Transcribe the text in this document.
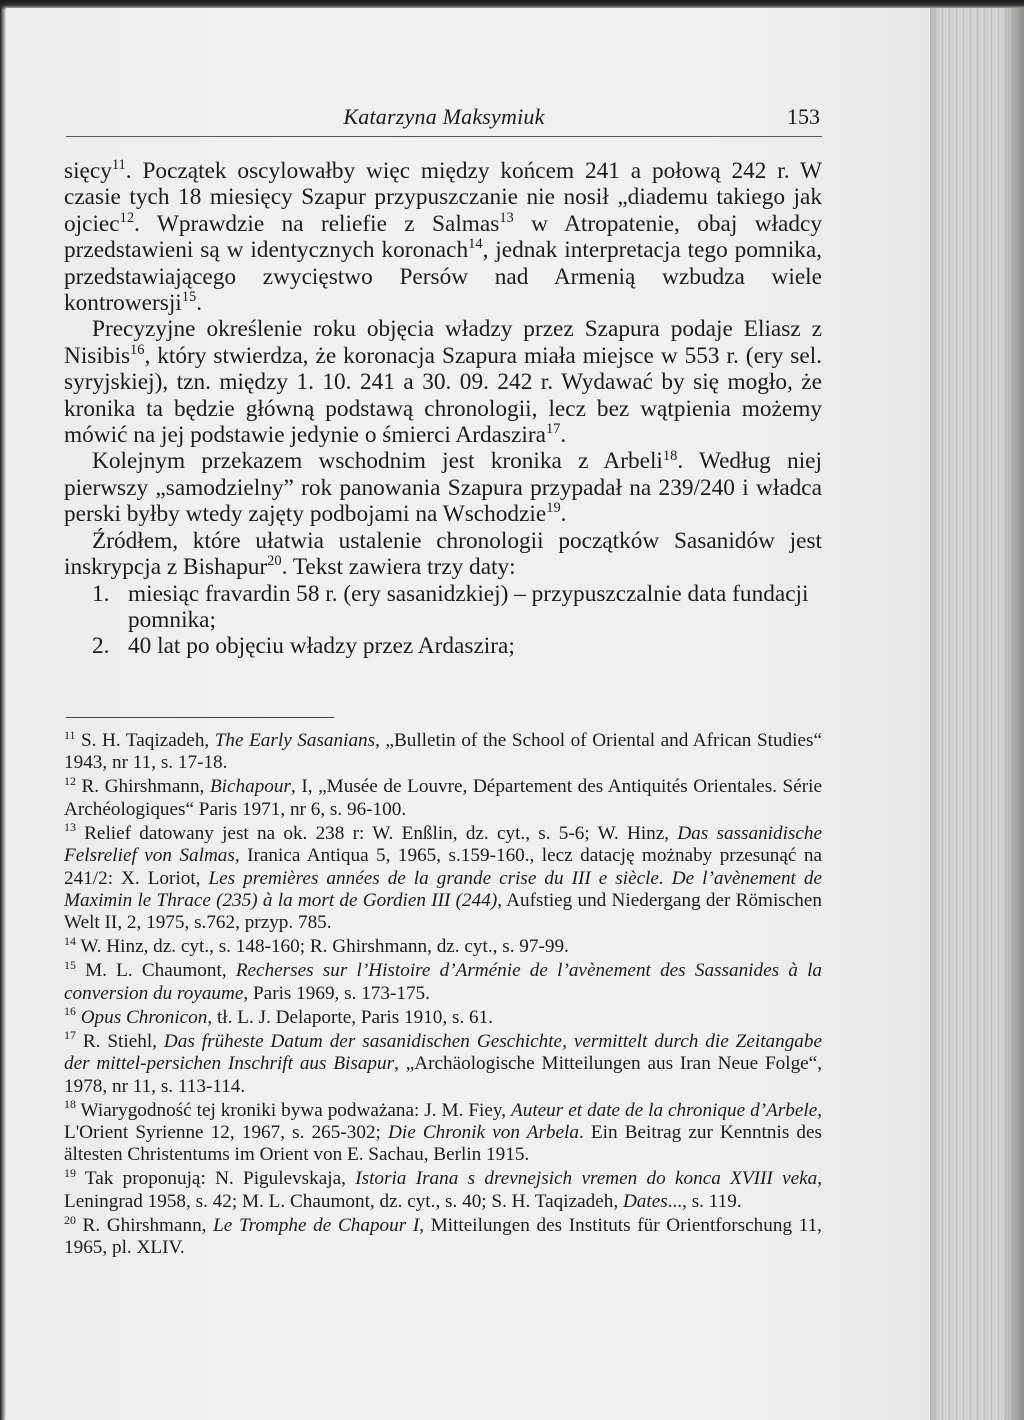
Katarzyna Maksymiuk	153

sięcy$^{11}$. Początek oscylowałby więc między końcem 241 a połową 242 r. W czasie tych 18 miesięcy Szapur przypuszczanie nie nosił „diademu takiego jak ojciec$^{12}$. Wprawdzie na reliefie z Salmas$^{13}$ w Atropatenie, obaj władcy przedstawieni są w identycznych koronach$^{14}$, jednak interpretacja tego pomnika, przedstawiającego zwycięstwo Persów nad Armenią wzbudza wiele kontrowersji$^{15}$.

Precyzyjne określenie roku objęcia władzy przez Szapura podaje Eliasz z Nisibis$^{16}$, który stwierdza, że koronacja Szapura miała miejsce w 553 r. (ery sel. syryjskiej), tzn. między 1. 10. 241 a 30. 09. 242 r. Wydawać by się mogło, że kronika ta będzie główną podstawą chronologii, lecz bez wątpienia możemy mówić na jej podstawie jedynie o śmierci Ardaszira$^{17}$.

Kolejnym przekazem wschodnim jest kronika z Arbeli$^{18}$. Według niej pierwszy „samodzielny” rok panowania Szapura przypadał na 239/240 i władca perski byłby wtedy zajęty podbojami na Wschodzie$^{19}$.

Źródłem, które ułatwia ustalenie chronologii początków Sasanidów jest inskrypcja z Bishapur$^{20}$. Tekst zawiera trzy daty:

1. miesiąc fravardin 58 r. (ery sasanidzkiej) – przypuszczalnie data fundacji pomnika;
2. 40 lat po objęciu władzy przez Ardaszira;

$^{11}$ S. H. Taqizadeh, The Early Sasanians, „Bulletin of the School of Oriental and African Studies“ 1943, nr 11, s. 17-18.

$^{12}$ R. Ghirshmann, Bichapour, I, „Musée de Louvre, Département des Antiquités Orientales. Série Archéologiques“ Paris 1971, nr 6, s. 96-100.

$^{13}$ Relief datowany jest na ok. 238 r: W. Enßlin, dz. cyt., s. 5-6; W. Hinz, Das sassanidische Felsrelief von Salmas, Iranica Antiqua 5, 1965, s.159-160., lecz datację możnaby przesunąć na 241/2: X. Loriot, Les premières années de la grande crise du III e siècle. De l’avènement de Maximin le Thrace (235) à la mort de Gordien III (244), Aufstieg und Niedergang der Römischen Welt II, 2, 1975, s.762, przyp. 785.

$^{14}$ W. Hinz, dz. cyt., s. 148-160; R. Ghirshmann, dz. cyt., s. 97-99.

$^{15}$ M. L. Chaumont, Recherses sur l’Histoire d’Arménie de l’avènement des Sassanides à la conversion du royaume, Paris 1969, s. 173-175.

$^{16}$ Opus Chronicon, tł. L. J. Delaporte, Paris 1910, s. 61.

$^{17}$ R. Stiehl, Das früheste Datum der sasanidischen Geschichte, vermittelt durch die Zeitangabe der mittel-persichen Inschrift aus Bisapur, „Archäologische Mitteilungen aus Iran Neue Folge“, 1978, nr 11, s. 113-114.

$^{18}$ Wiarygodność tej kroniki bywa podważana: J. M. Fiey, Auteur et date de la chronique d’Arbele, L'Orient Syrienne 12, 1967, s. 265-302; Die Chronik von Arbela. Ein Beitrag zur Kenntnis des ältesten Christentums im Orient von E. Sachau, Berlin 1915.

$^{19}$ Tak proponują: N. Pigulevskaja, Istoria Irana s drevnejsich vremen do konca XVIII veka, Leningrad 1958, s. 42; M. L. Chaumont, dz. cyt., s. 40; S. H. Taqizadeh, Dates..., s. 119.

$^{20}$ R. Ghirshmann, Le Tromphe de Chapour I, Mitteilungen des Instituts für Orientforschung 11, 1965, pl. XLIV.
